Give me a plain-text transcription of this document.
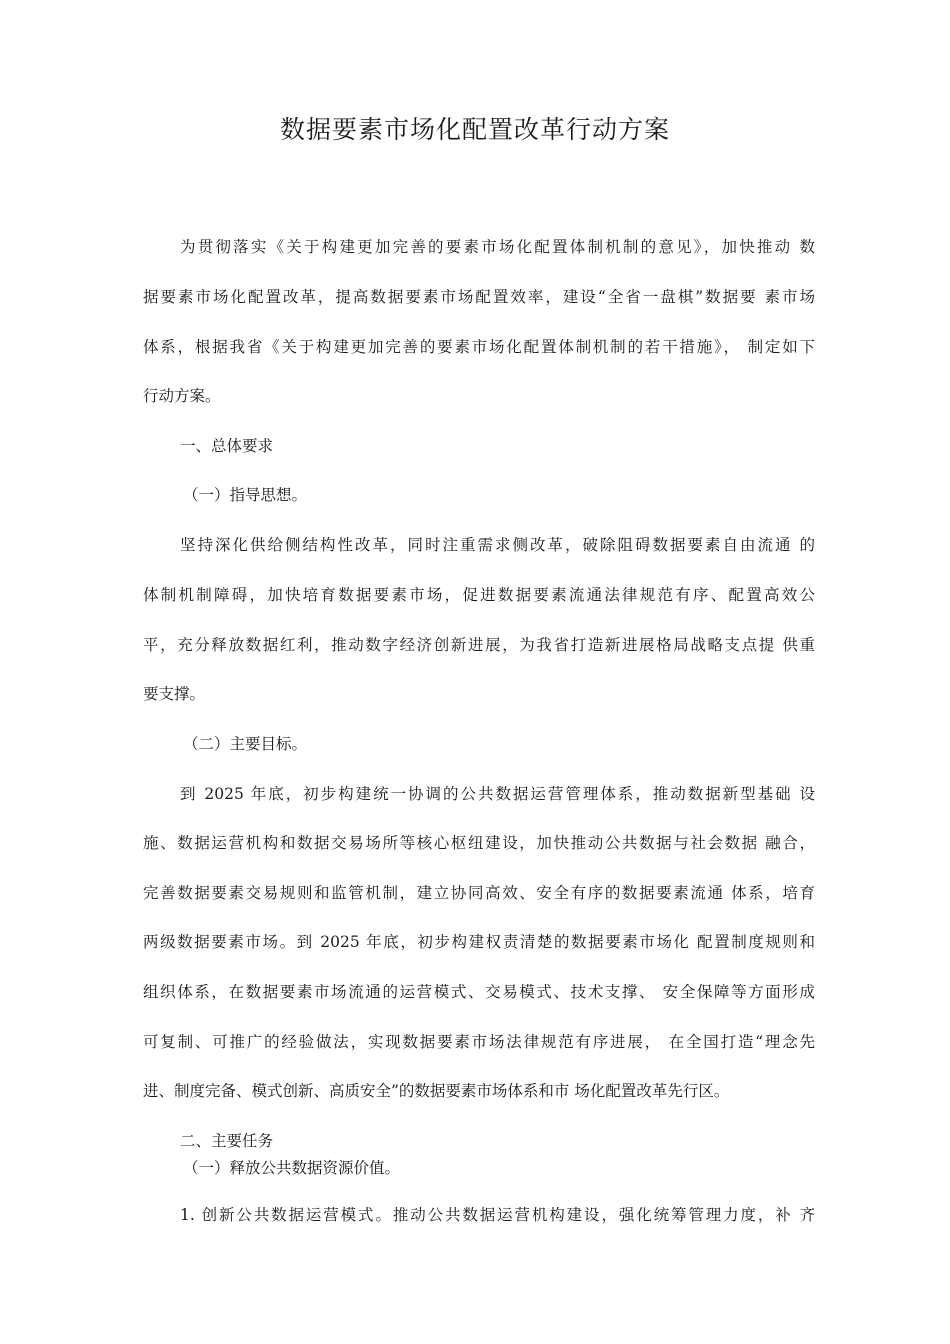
数据要素市场化配置改革行动方案
为贯彻落实《关于构建更加完善的要素市场化配置体制机制的意见》，加快推动 数
据要素市场化配置改革，提高数据要素市场配置效率，建设“全省一盘棋”数据要 素市场
体系，根据我省《关于构建更加完善的要素市场化配置体制机制的若干措施》， 制定如下
行动方案。
一、总体要求
（一）指导思想。
坚持深化供给侧结构性改革，同时注重需求侧改革，破除阻碍数据要素自由流通 的
体制机制障碍，加快培育数据要素市场，促进数据要素流通法律规范有序、配置高效公
平，充分释放数据红利，推动数字经济创新进展，为我省打造新进展格局战略支点提 供重
要支撑。
（二）主要目标。
到 2025 年底，初步构建统一协调的公共数据运营管理体系，推动数据新型基础 设
施、数据运营机构和数据交易场所等核心枢纽建设，加快推动公共数据与社会数据 融合，
完善数据要素交易规则和监管机制，建立协同高效、安全有序的数据要素流通 体系，培育
两级数据要素市场。到 2025 年底，初步构建权责清楚的数据要素市场化 配置制度规则和
组织体系，在数据要素市场流通的运营模式、交易模式、技术支撑、 安全保障等方面形成
可复制、可推广的经验做法，实现数据要素市场法律规范有序进展， 在全国打造“理念先
进、制度完备、模式创新、高质安全”的数据要素市场体系和市 场化配置改革先行区。
二、主要任务
（一）释放公共数据资源价值。
1. 创新公共数据运营模式。推动公共数据运营机构建设，强化统筹管理力度，补 齐
